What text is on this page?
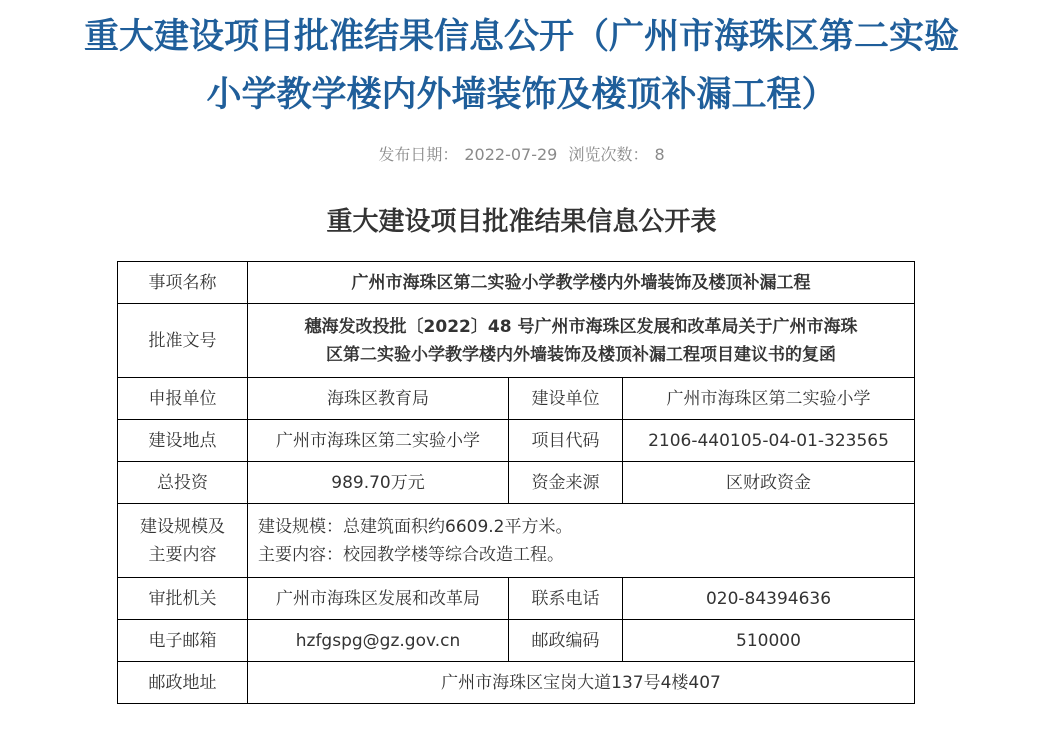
重大建设项目批准结果信息公开（广州市海珠区第二实验
小学教学楼内外墙装饰及楼顶补漏工程）
发布日期： 2022-07-29 浏览次数： 8
重大建设项目批准结果信息公开表
事项名称	广州市海珠区第二实验小学教学楼内外墙装饰及楼顶补漏工程		
批准文号	穗海发改投批〔2022〕48 号广州市海珠区发展和改革局关于广州市海珠
区第二实验小学教学楼内外墙装饰及楼顶补漏工程项目建议书的复函		

申报单位	海珠区教育局	建设单位	广州市海珠区第二实验小学
建设地点	广州市海珠区第二实验小学	项目代码	2106-440105-04-01-323565
总投资	989.70万元	资金来源	区财政资金

建设规模及
主要内容	建设规模：总建筑面积约6609.2平方米。
主要内容：校园教学楼等综合改造工程。		

审批机关	广州市海珠区发展和改革局	联系电话	020-84394636
电子邮箱	hzfgspg@gz.gov.cn	邮政编码	510000
邮政地址	广州市海珠区宝岗大道137号4楼407		
